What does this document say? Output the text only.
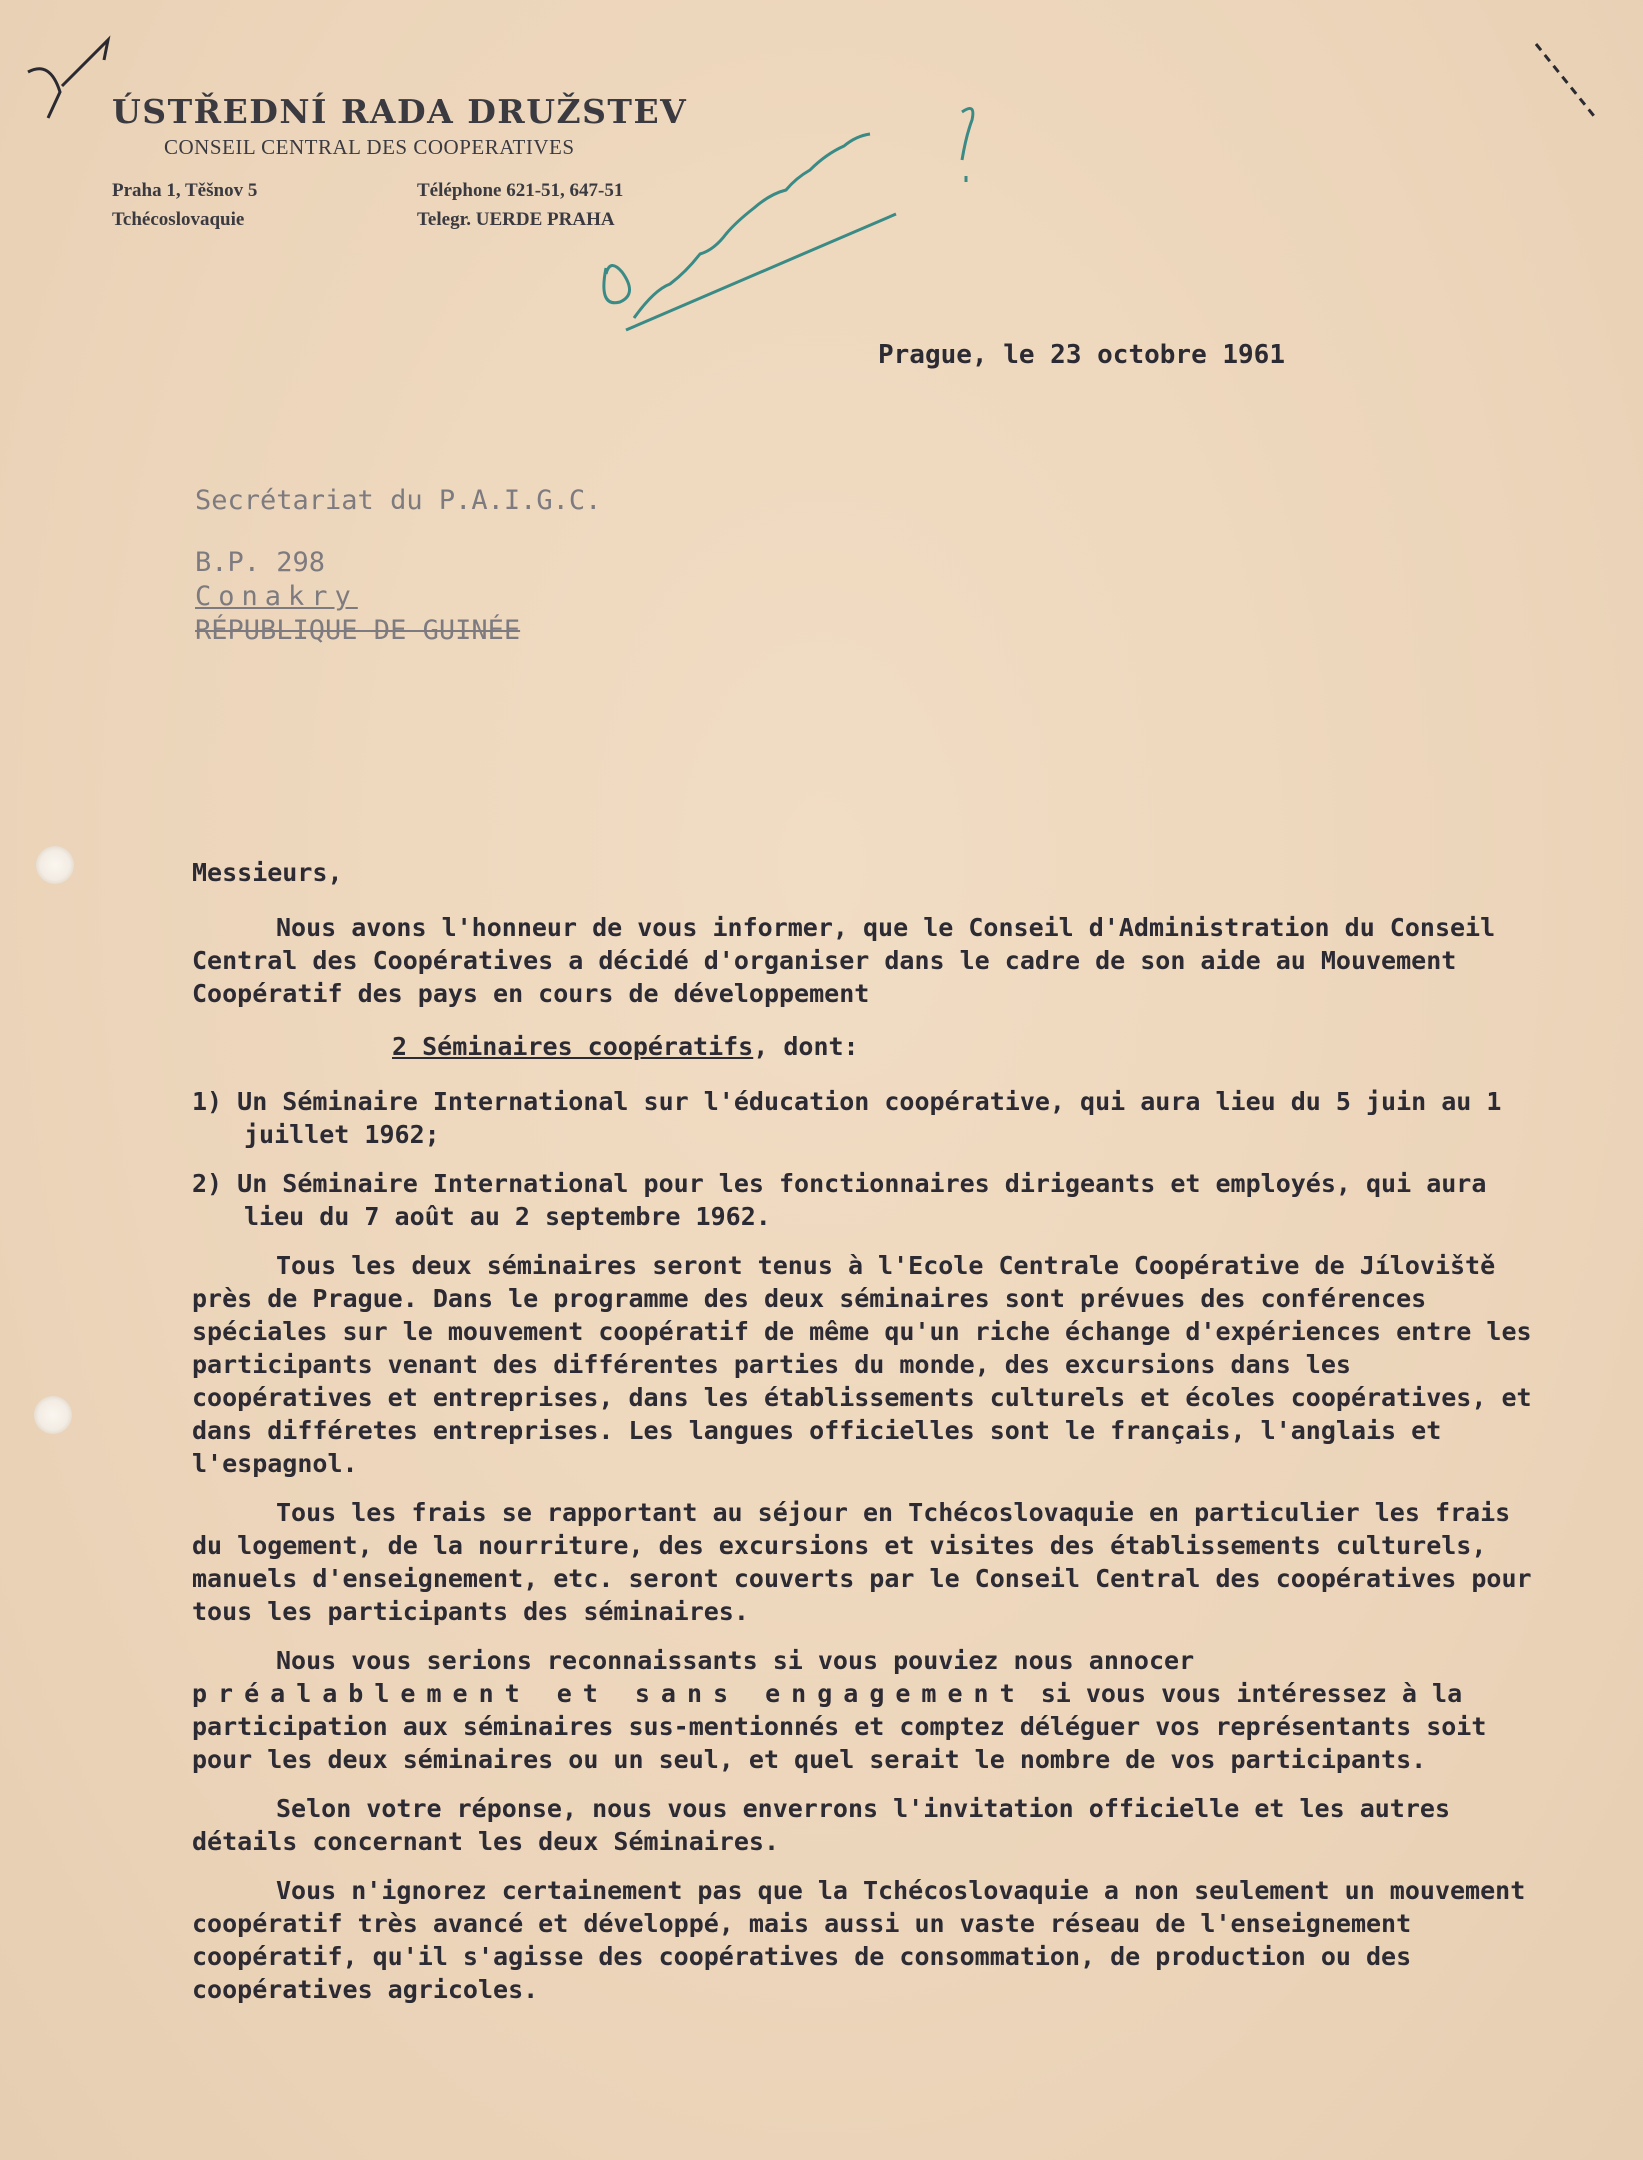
ÚSTŘEDNÍ RADA DRUŽSTEV

CONSEIL CENTRAL DES COOPERATIVES

Praha 1, Těšnov 5
Tchécoslovaquie
Téléphone 621-51, 647-51
Telegr. UERDE PRAHA
Prague, le 23 octobre 1961
Secrétariat du P.A.I.G.C.
B.P. 298
Conakry
RÉPUBLIQUE DE GUINÉE

Messieurs,

Nous avons l'honneur de vous informer, que le Conseil d'Administration du Conseil Central des Coopératives a décidé d'organiser dans le cadre de son aide au Mouvement Coopératif des pays en cours de développement

2 Séminaires coopératifs, dont:

1) Un Séminaire International sur l'éducation coopérative, qui aura lieu du 5 juin au 1 juillet 1962;

2) Un Séminaire International pour les fonctionnaires dirigeants et employés, qui aura lieu du 7 août au 2 septembre 1962.

Tous les deux séminaires seront tenus à l'Ecole Centrale Coopérative de Jíloviště près de Prague. Dans le programme des deux séminaires sont prévues des conférences spéciales sur le mouvement coopératif de même qu'un riche échange d'expériences entre les participants venant des différentes parties du monde, des excursions dans les coopératives et entreprises, dans les établissements culturels et écoles coopératives, et dans différetes entreprises. Les langues officielles sont le français, l'anglais et l'espagnol.

Tous les frais se rapportant au séjour en Tchécoslovaquie en particulier les frais du logement, de la nourriture, des excursions et visites des établissements culturels, manuels d'enseignement, etc. seront couverts par le Conseil Central des coopératives pour tous les participants des séminaires.

Nous vous serions reconnaissants si vous pouviez nous annocer préalablement et sans engagement si vous vous intéressez à la participation aux séminaires sus-mentionnés et comptez déléguer vos représentants soit pour les deux séminaires ou un seul, et quel serait le nombre de vos participants.

Selon votre réponse, nous vous enverrons l'invitation officielle et les autres détails concernant les deux Séminaires.

Vous n'ignorez certainement pas que la Tchécoslovaquie a non seulement un mouvement coopératif très avancé et développé, mais aussi un vaste réseau de l'enseignement coopératif, qu'il s'agisse des coopératives de consommation, de production ou des coopératives agricoles.
